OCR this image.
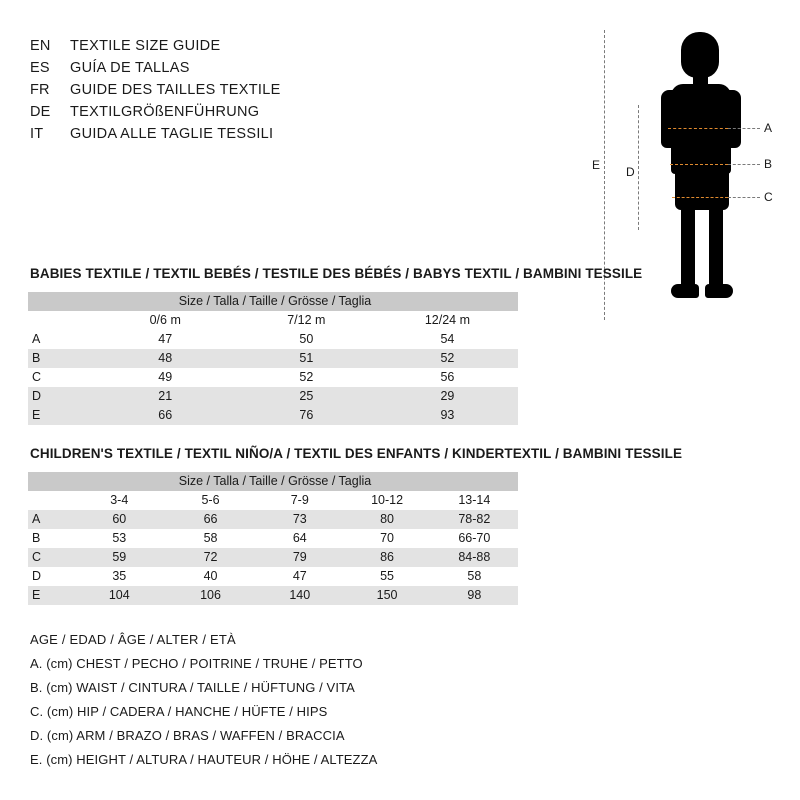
EN	TEXTILE SIZE GUIDE
ES	GUÍA DE TALLAS
FR	GUIDE DES TAILLES TEXTILE
DE	TEXTILGRÖßENFÜHRUNG
IT	GUIDA ALLE TAGLIE TESSILI
E D
A
B
C
BABIES TEXTILE / TEXTIL BEBÉS / TESTILE DES BÉBÉS / BABYS TEXTIL / BAMBINI TESSILE
Size / Talla / Taille / Grösse / Taglia			
	0/6 m	7/12 m	12/24 m
A	47	50	54
B	48	51	52
C	49	52	56
D	21	25	29
E	66	76	93
CHILDREN'S TEXTILE / TEXTIL NIÑO/A / TEXTIL DES ENFANTS / KINDERTEXTIL / BAMBINI TESSILE
Size / Talla / Taille / Grösse / Taglia					
	3-4	5-6	7-9	10-12	13-14
A	60	66	73	80	78-82
B	53	58	64	70	66-70
C	59	72	79	86	84-88
D	35	40	47	55	58
E	104	106	140	150	98
AGE / EDAD / ÂGE / ALTER / ETÀ
A. (cm) CHEST / PECHO / POITRINE / TRUHE / PETTO
B. (cm) WAIST / CINTURA / TAILLE / HÜFTUNG / VITA
C. (cm) HIP / CADERA / HANCHE / HÜFTE / HIPS
D. (cm) ARM / BRAZO / BRAS / WAFFEN / BRACCIA
E. (cm) HEIGHT / ALTURA / HAUTEUR / HÖHE / ALTEZZA
